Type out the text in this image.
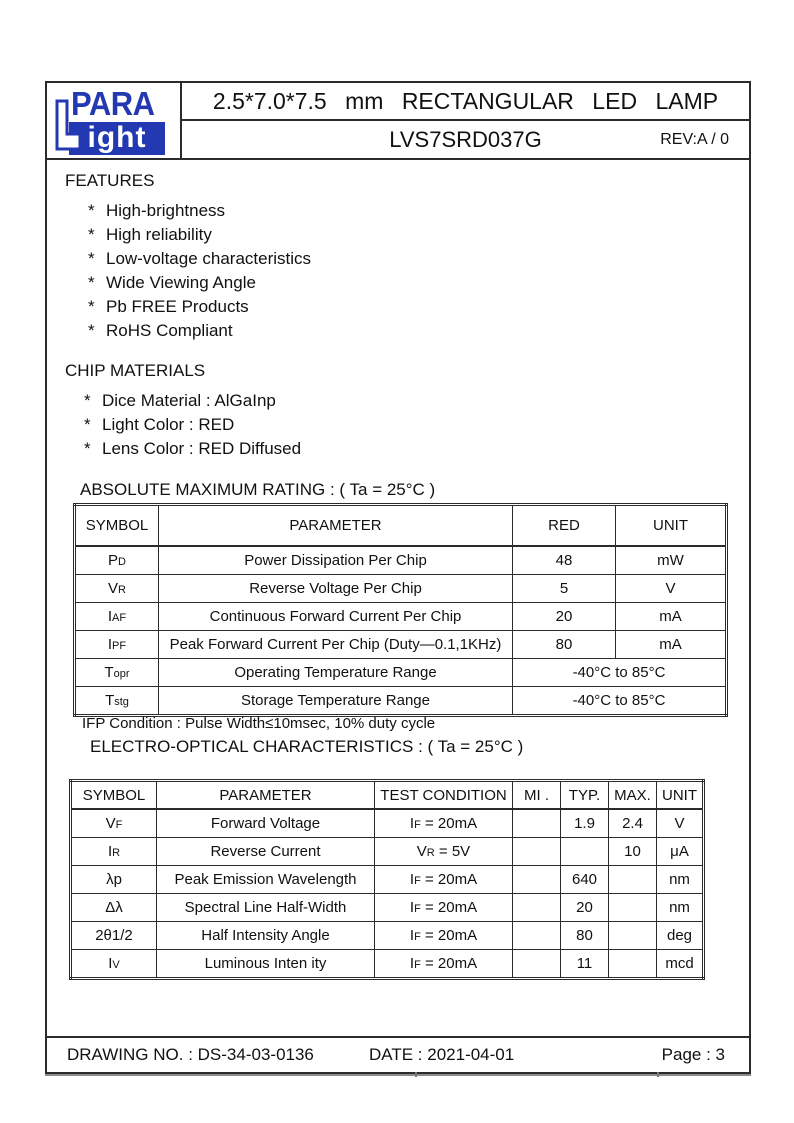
ight
PARA	2.5*7.0*7.5 mm RECTANGULAR LED LAMP
LVS7SRD037G	REV:A / 0
FEATURES
* High-brightness
* High reliability
* Low-voltage characteristics
* Wide Viewing Angle
* Pb FREE Products
* RoHS Compliant
CHIP MATERIALS
* Dice Material : AlGaInp
* Light Color : RED
* Lens Color : RED Diffused
ABSOLUTE MAXIMUM RATING : ( Ta = 25°C )
SYMBOL	PARAMETER	RED	UNIT
PD	Power Dissipation Per Chip	48	mW
VR	Reverse Voltage Per Chip	5	V
IAF	Continuous Forward Current Per Chip	20	mA
IPF	Peak Forward Current Per Chip (Duty—0.1,1KHz)	80	mA
Topr	Operating Temperature Range	-40°C to 85°C	
Tstg	Storage Temperature Range	-40°C to 85°C	
IFP Condition : Pulse Width≤10msec, 10% duty cycle
ELECTRO-OPTICAL CHARACTERISTICS : ( Ta = 25°C )
SYMBOL	PARAMETER	TEST CONDITION	MI .	TYP.	MAX.	UNIT
VF	Forward Voltage	IF = 20mA		1.9	2.4	V
IR	Reverse Current	VR = 5V			10	μA
λp	Peak Emission Wavelength	IF = 20mA		640		nm
Δλ	Spectral Line Half-Width	IF = 20mA		20		nm
2θ1/2	Half Intensity Angle	IF = 20mA		80		deg
IV	Luminous Inten ity	IF = 20mA		11		mcd
DRAWING NO. : DS-34-03-0136	DATE : 2021-04-01	Page : 3
